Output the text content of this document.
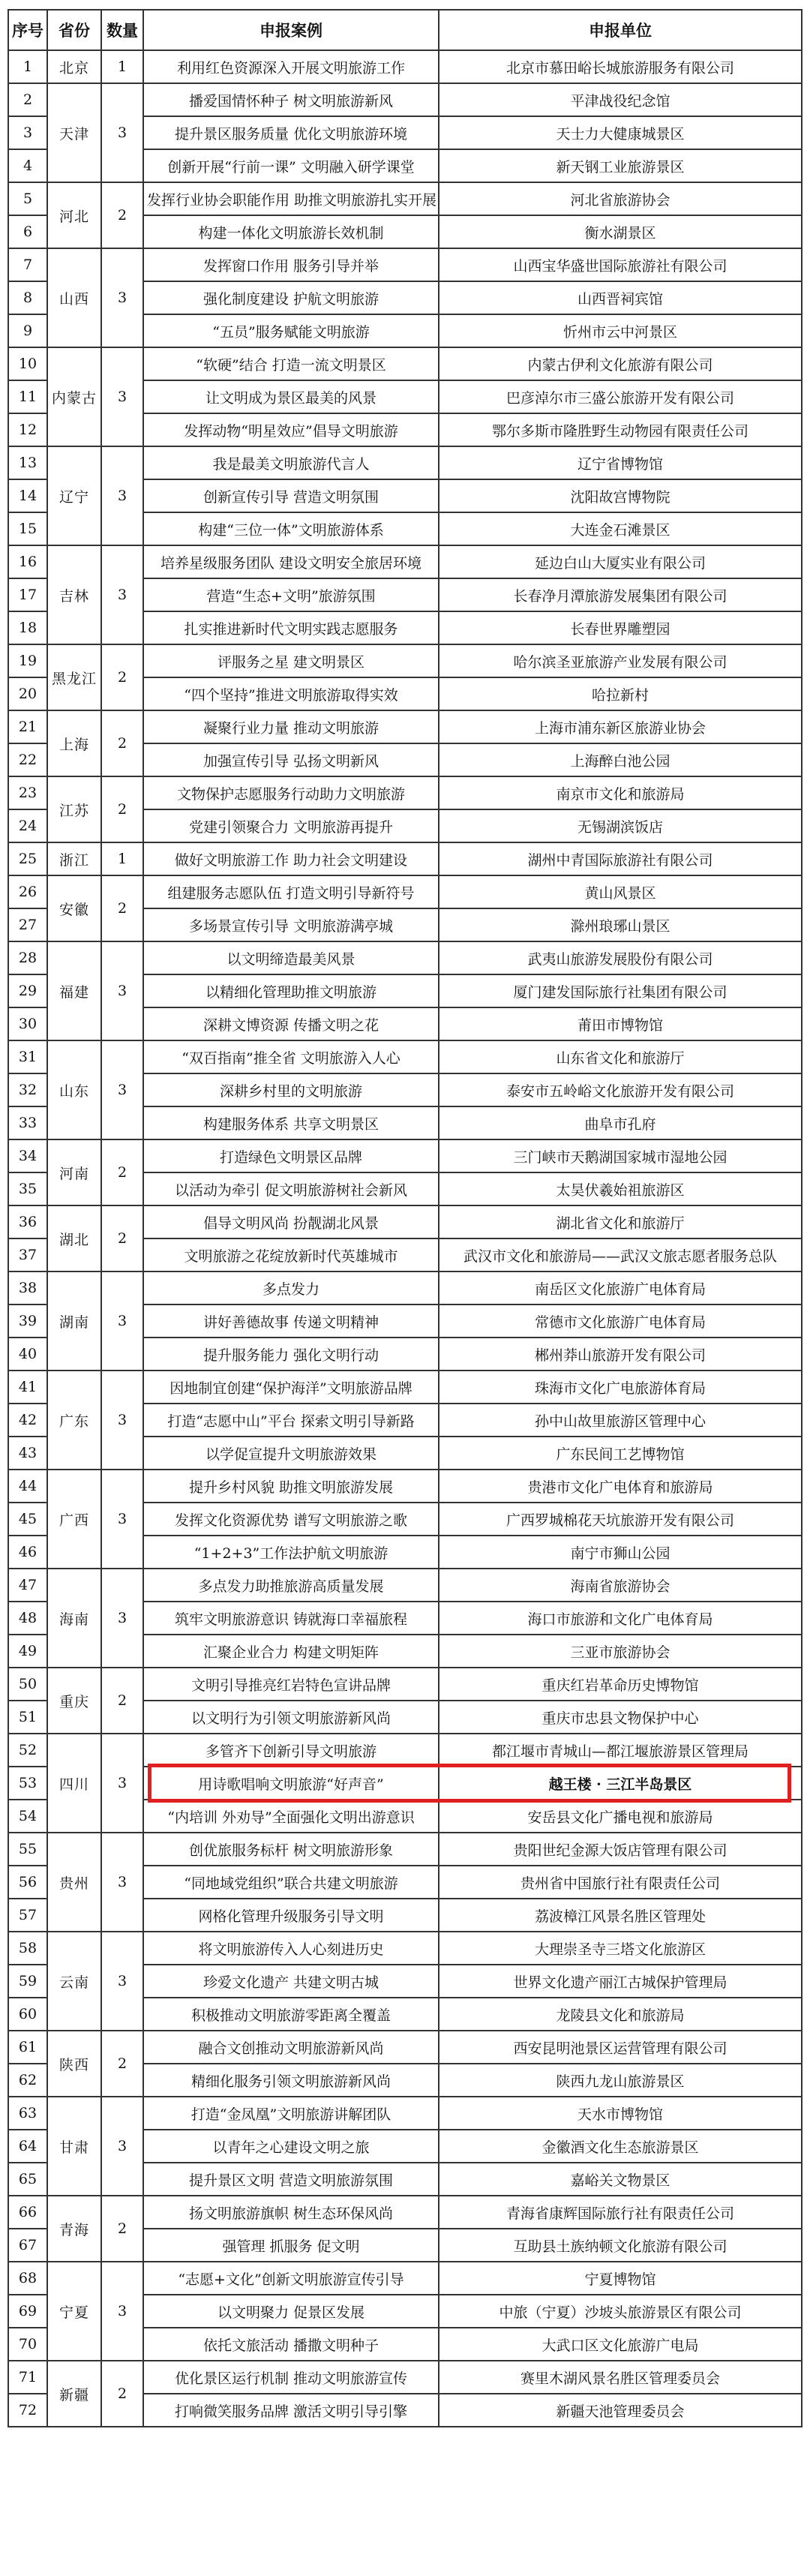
序号	省份	数量	申报案例	申报单位
1	北京	1	利用红色资源深入开展文明旅游工作	北京市慕田峪长城旅游服务有限公司
2	天津	3	播爱国情怀种子 树文明旅游新风	平津战役纪念馆
3			提升景区服务质量 优化文明旅游环境	天士力大健康城景区
4			创新开展“行前一课” 文明融入研学课堂	新天钢工业旅游景区
5	河北	2	发挥行业协会职能作用 助推文明旅游扎实开展	河北省旅游协会
6			构建一体化文明旅游长效机制	衡水湖景区
7	山西	3	发挥窗口作用 服务引导并举	山西宝华盛世国际旅游社有限公司
8			强化制度建设 护航文明旅游	山西晋祠宾馆
9			“五员”服务赋能文明旅游	忻州市云中河景区
10	内蒙古	3	“软硬”结合 打造一流文明景区	内蒙古伊利文化旅游有限公司
11			让文明成为景区最美的风景	巴彦淖尔市三盛公旅游开发有限公司
12			发挥动物“明星效应”倡导文明旅游	鄂尔多斯市隆胜野生动物园有限责任公司
13	辽宁	3	我是最美文明旅游代言人	辽宁省博物馆
14			创新宣传引导 营造文明氛围	沈阳故宫博物院
15			构建“三位一体”文明旅游体系	大连金石滩景区
16	吉林	3	培养星级服务团队 建设文明安全旅居环境	延边白山大厦实业有限公司
17			营造“生态+文明”旅游氛围	长春净月潭旅游发展集团有限公司
18			扎实推进新时代文明实践志愿服务	长春世界雕塑园
19	黑龙江	2	评服务之星 建文明景区	哈尔滨圣亚旅游产业发展有限公司
20			“四个坚持”推进文明旅游取得实效	哈拉新村
21	上海	2	凝聚行业力量 推动文明旅游	上海市浦东新区旅游业协会
22			加强宣传引导 弘扬文明新风	上海醉白池公园
23	江苏	2	文物保护志愿服务行动助力文明旅游	南京市文化和旅游局
24			党建引领聚合力 文明旅游再提升	无锡湖滨饭店
25	浙江	1	做好文明旅游工作 助力社会文明建设	湖州中青国际旅游社有限公司
26	安徽	2	组建服务志愿队伍 打造文明引导新符号	黄山风景区
27			多场景宣传引导 文明旅游满亭城	滁州琅琊山景区
28	福建	3	以文明缔造最美风景	武夷山旅游发展股份有限公司
29			以精细化管理助推文明旅游	厦门建发国际旅行社集团有限公司
30			深耕文博资源 传播文明之花	莆田市博物馆
31	山东	3	“双百指南”推全省 文明旅游入人心	山东省文化和旅游厅
32			深耕乡村里的文明旅游	泰安市五岭峪文化旅游开发有限公司
33			构建服务体系 共享文明景区	曲阜市孔府
34	河南	2	打造绿色文明景区品牌	三门峡市天鹅湖国家城市湿地公园
35			以活动为牵引 促文明旅游树社会新风	太昊伏羲始祖旅游区
36	湖北	2	倡导文明风尚 扮靓湖北风景	湖北省文化和旅游厅
37			文明旅游之花绽放新时代英雄城市	武汉市文化和旅游局——武汉文旅志愿者服务总队
38	湖南	3	多点发力	南岳区文化旅游广电体育局
39			讲好善德故事 传递文明精神	常德市文化旅游广电体育局
40			提升服务能力 强化文明行动	郴州莽山旅游开发有限公司
41	广东	3	因地制宜创建“保护海洋”文明旅游品牌	珠海市文化广电旅游体育局
42			打造“志愿中山”平台 探索文明引导新路	孙中山故里旅游区管理中心
43			以学促宣提升文明旅游效果	广东民间工艺博物馆
44	广西	3	提升乡村风貌 助推文明旅游发展	贵港市文化广电体育和旅游局
45			发挥文化资源优势 谱写文明旅游之歌	广西罗城棉花天坑旅游开发有限公司
46			“1+2+3”工作法护航文明旅游	南宁市狮山公园
47	海南	3	多点发力助推旅游高质量发展	海南省旅游协会
48			筑牢文明旅游意识 铸就海口幸福旅程	海口市旅游和文化广电体育局
49			汇聚企业合力 构建文明矩阵	三亚市旅游协会
50	重庆	2	文明引导推亮红岩特色宣讲品牌	重庆红岩革命历史博物馆
51			以文明行为引领文明旅游新风尚	重庆市忠县文物保护中心
52	四川	3	多管齐下创新引导文明旅游	都江堰市青城山—都江堰旅游景区管理局
53			用诗歌唱响文明旅游“好声音”	越王楼 · 三江半岛景区
54			“内培训 外劝导”全面强化文明出游意识	安岳县文化广播电视和旅游局
55	贵州	3	创优旅服务标杆 树文明旅游形象	贵阳世纪金源大饭店管理有限公司
56			“同地域党组织”联合共建文明旅游	贵州省中国旅行社有限责任公司
57			网格化管理升级服务引导文明	荔波樟江风景名胜区管理处
58	云南	3	将文明旅游传入人心刻进历史	大理崇圣寺三塔文化旅游区
59			珍爱文化遗产 共建文明古城	世界文化遗产丽江古城保护管理局
60			积极推动文明旅游零距离全覆盖	龙陵县文化和旅游局
61	陕西	2	融合文创推动文明旅游新风尚	西安昆明池景区运营管理有限公司
62			精细化服务引领文明旅游新风尚	陕西九龙山旅游景区
63	甘肃	3	打造“金凤凰”文明旅游讲解团队	天水市博物馆
64			以青年之心建设文明之旅	金徽酒文化生态旅游景区
65			提升景区文明 营造文明旅游氛围	嘉峪关文物景区
66	青海	2	扬文明旅游旗帜 树生态环保风尚	青海省康辉国际旅行社有限责任公司
67			强管理 抓服务 促文明	互助县土族纳顿文化旅游有限公司
68	宁夏	3	“志愿+文化”创新文明旅游宣传引导	宁夏博物馆
69			以文明聚力 促景区发展	中旅（宁夏）沙坡头旅游景区有限公司
70			依托文旅活动 播撒文明种子	大武口区文化旅游广电局
71	新疆	2	优化景区运行机制 推动文明旅游宣传	赛里木湖风景名胜区管理委员会
72			打响微笑服务品牌 激活文明引导引擎	新疆天池管理委员会
